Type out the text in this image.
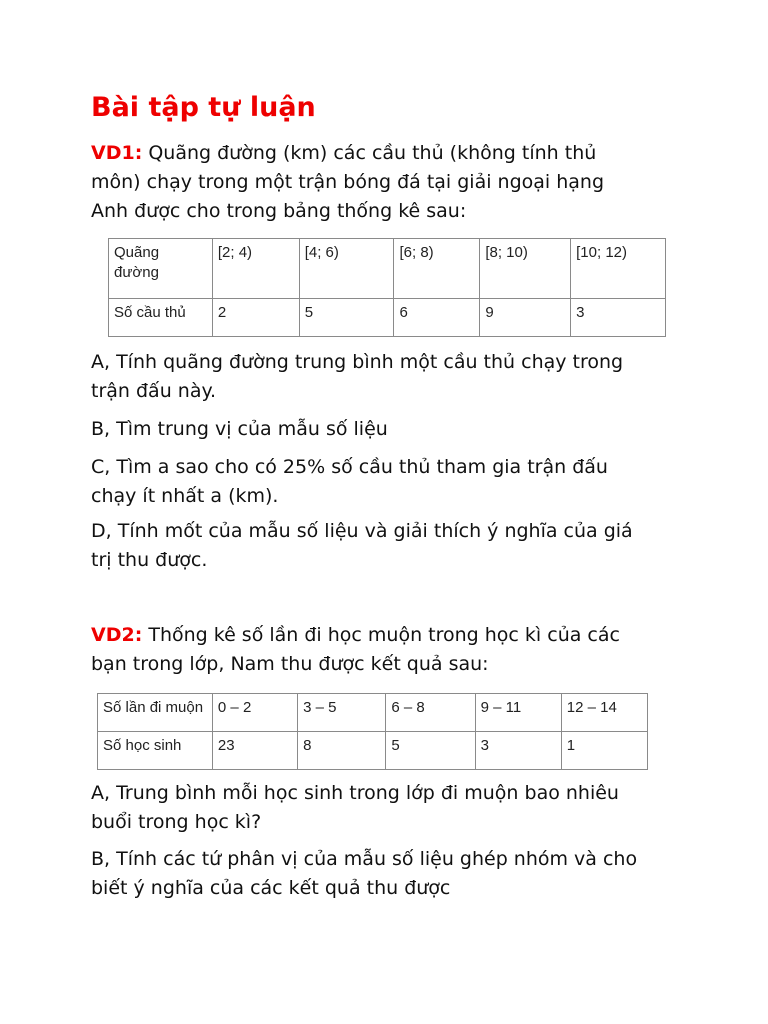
Bài tập tự luận

VD1: Quãng đường (km) các cầu thủ (không tính thủ
môn) chạy trong một trận bóng đá tại giải ngoại hạng
Anh được cho trong bảng thống kê sau:

Quãng đường	[2; 4)	[4; 6)	[6; 8)	[8; 10)	[10; 12)
Số cầu thủ	2	5	6	9	3

A, Tính quãng đường trung bình một cầu thủ chạy trong
trận đấu này.

B, Tìm trung vị của mẫu số liệu

C, Tìm a sao cho có 25% số cầu thủ tham gia trận đấu
chạy ít nhất a (km).

D, Tính mốt của mẫu số liệu và giải thích ý nghĩa của giá
trị thu được.

VD2: Thống kê số lần đi học muộn trong học kì của các
bạn trong lớp, Nam thu được kết quả sau:

Số lần đi muộn	0 – 2	3 – 5	6 – 8	9 – 11	12 – 14
Số học sinh	23	8	5	3	1

A, Trung bình mỗi học sinh trong lớp đi muộn bao nhiêu
buổi trong học kì?

B, Tính các tứ phân vị của mẫu số liệu ghép nhóm và cho
biết ý nghĩa của các kết quả thu được
